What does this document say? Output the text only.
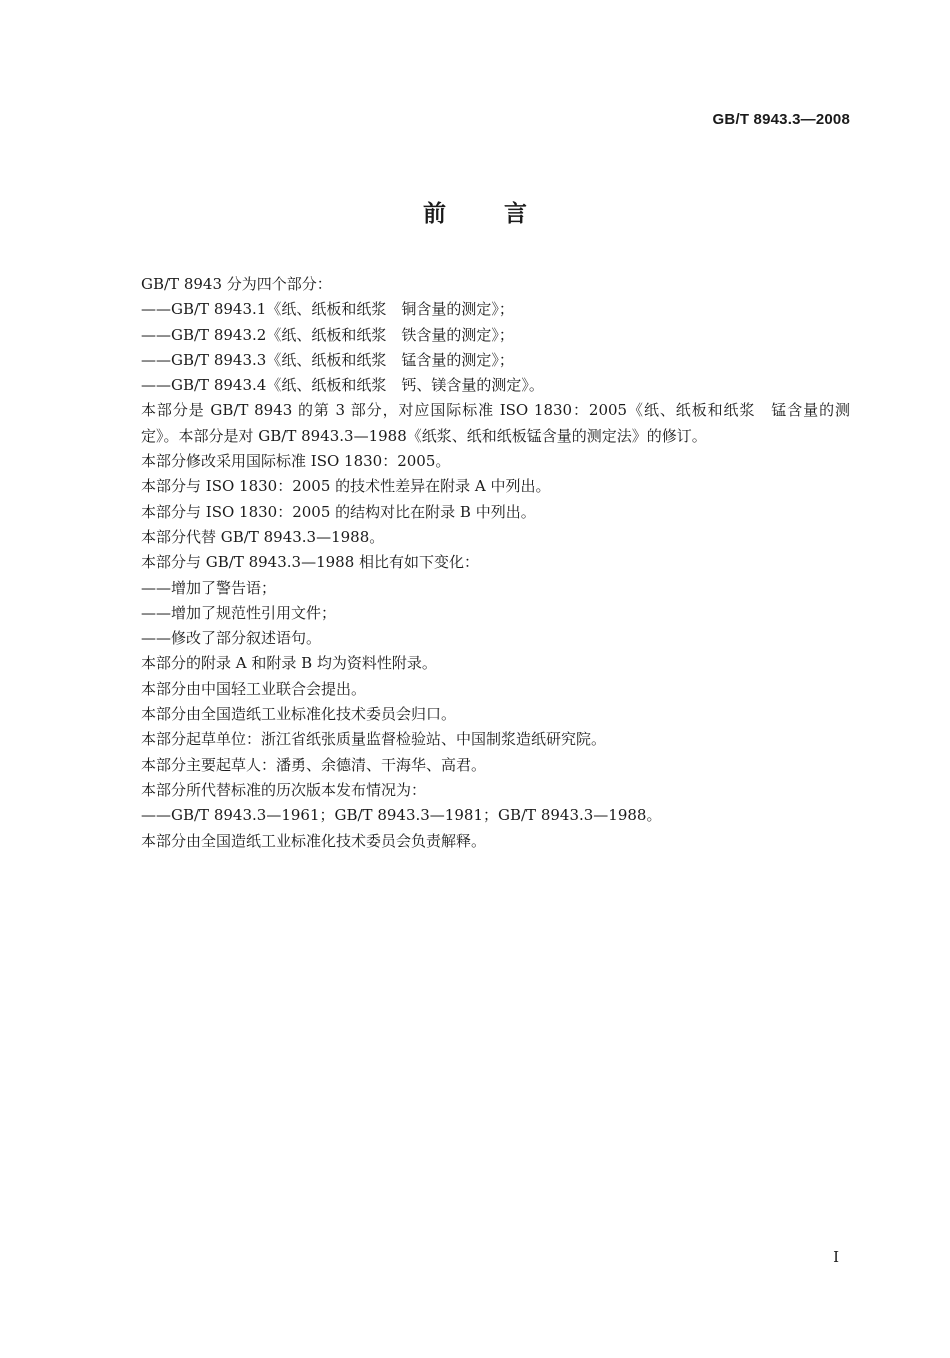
GB/T 8943.3—2008
前言
GB/T 8943 分为四个部分：
——GB/T 8943.1《纸、纸板和纸浆　铜含量的测定》；
——GB/T 8943.2《纸、纸板和纸浆　铁含量的测定》；
——GB/T 8943.3《纸、纸板和纸浆　锰含量的测定》；
——GB/T 8943.4《纸、纸板和纸浆　钙、镁含量的测定》。
本部分是 GB/T 8943 的第 3 部分，对应国际标准 ISO 1830：2005《纸、纸板和纸浆　锰含量的测定》。本部分是对 GB/T 8943.3—1988《纸浆、纸和纸板锰含量的测定法》的修订。
本部分修改采用国际标准 ISO 1830：2005。
本部分与 ISO 1830：2005 的技术性差异在附录 A 中列出。
本部分与 ISO 1830：2005 的结构对比在附录 B 中列出。
本部分代替 GB/T 8943.3—1988。
本部分与 GB/T 8943.3—1988 相比有如下变化：
——增加了警告语；
——增加了规范性引用文件；
——修改了部分叙述语句。
本部分的附录 A 和附录 B 均为资料性附录。
本部分由中国轻工业联合会提出。
本部分由全国造纸工业标准化技术委员会归口。
本部分起草单位：浙江省纸张质量监督检验站、中国制浆造纸研究院。
本部分主要起草人：潘勇、余德清、干海华、高君。
本部分所代替标准的历次版本发布情况为：
——GB/T 8943.3—1961；GB/T 8943.3—1981；GB/T 8943.3—1988。
本部分由全国造纸工业标准化技术委员会负责解释。
I
